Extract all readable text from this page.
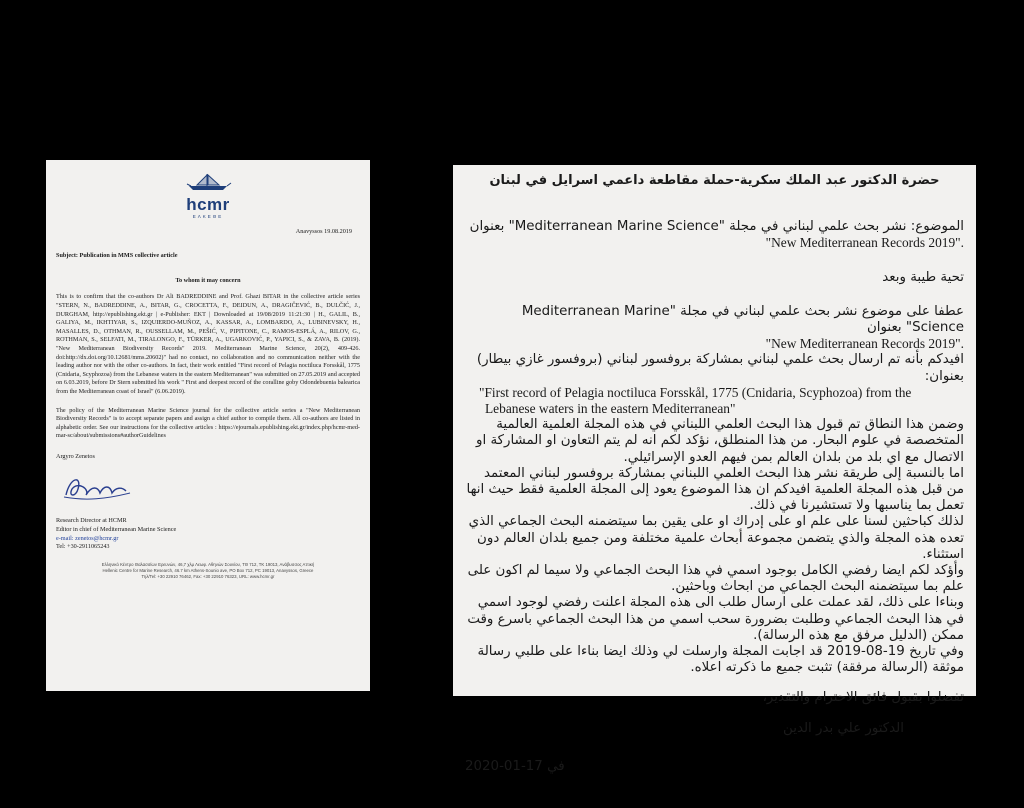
hcmr
ΕΛΚΕΘΕ
Anavyssos 19.08.2019
Subject: Publication in MMS collective article
To whom it may concern
This is to confirm that the co-authors Dr Ali BADREDDINE and Prof. Ghazi BITAR in the collective article series "STERN, N., BADREDDINE, A., BITAR, G., CROCETTA, F., DEIDUN, A., DRAGIČEVIĆ, B., DULČIĆ, J., DURGHAM, http://epublishing.ekt.gr | e-Publisher: EKT | Downloaded at 19/08/2019 11:21:30 | H., GALIL, B., GALIYA, M., IKHTIYAR, S., IZQUIERDO-MUÑOZ, A., KASSAR, A., LOMBARDO, A., LUBINEVSKY, H., MASALLES, D., OTHMAN, R., OUSSELLAM, M., PEŠIĆ, V., PIPITONE, C., RAMOS-ESPLÁ, A., RILOV, G., ROTHMAN, S., SELFATI, M., TIRALONGO, F., TÜRKER, A., UGARKOVIĆ, P., YAPICI, S., & ZAVA, B. (2019). "New Mediterranean Biodiversity Records" 2019. Mediterranean Marine Science, 20(2), 409-426. doi:http://dx.doi.org/10.12681/mms.20602)" had no contact, no collaboration and no communication neither with the leading author nor with the other co-authors. In fact, their work entitled "First record of Pelagia noctiluca Forsskål, 1775 (Cnidaria, Scyphozoa) from the Lebanese waters in the eastern Mediterranean" was submitted on 27.05.2019 and accepted on 6.03.2019, before Dr Stern submitted his work " First and deepest record of the coralline goby Odondebuenia balearica from the Mediterranean coast of Israel" (6.06.2019).
The policy of the Mediterranean Marine Science journal for the collective article series a "New Mediterranean Biodiversity Records" is to accept separate papers and assign a chief author to compile them. All co-authors are listed in alphabetic order. See our instructions for the collective articles : https://ejournals.epublishing.ekt.gr/index.php/hcmr-med-mar-sc/about/submissions#authorGuidelines
Argyro Zenetos
Research Director at HCMR
Editor in chief of Mediterranean Marine Science
e-mail: zenetos@hcmr.gr
Tel: +30-2911065243
Ελληνικό Κέντρο Θαλασσίων Ερευνών, 46,7 χλμ Λεωφ. Αθηνών Σουνίου, ΤΘ 712, ΤΚ 19013, Ανάβυσσος Αττική
Hellenic Centre for Marine Research, 46.7 km Athens-Sounio ave, PO Box 712, PC 19013, Anavyssos, Greece
Τηλ/Tel: +30 22910 76462, Fax: +30 22910 76323, URL: www.hcmr.gr
حضرة الدكتور عبد الملك سكرية-حملة مقاطعة داعمي اسرايل في لبنان

الموضوع: نشر بحث علمي لبناني في مجلة "Mediterranean Marine Science" بعنوان

"New Mediterranean Records 2019".

تحية طيبة وبعد

عطفا على موضوع نشر بحث علمي لبناني في مجلة "Mediterranean Marine Science" بعنوان

"New Mediterranean Records 2019".

افيدكم بأنه تم ارسال بحث علمي لبناني بمشاركة بروفسور لبناني (بروفسور غازي بيطار) بعنوان:

"First record of Pelagia noctiluca Forsskål, 1775 (Cnidaria, Scyphozoa) from the

Lebanese waters in the eastern Mediterranean"

وضمن هذا النطاق تم قبول هذا البحث العلمي اللبناني في هذه المجلة العلمية العالمية المتخصصة في علوم البحار. من هذا المنطلق، نؤكد لكم انه لم يتم التعاون او المشاركة او الاتصال مع اي بلد من بلدان العالم بمن فيهم العدو الإسرائيلي.

اما بالنسبة إلى طريقة نشر هذا البحث العلمي اللبناني بمشاركة بروفسور لبناني المعتمد من قبل هذه المجلة العلمية افيدكم ان هذا الموضوع يعود إلى المجلة العلمية فقط حيث انها تعمل بما يناسبها ولا تستشيرنا في ذلك.

لذلك كباحثين لسنا على علم او على إدراك او على يقين بما سيتضمنه البحث الجماعي الذي تعده هذه المجلة والذي يتضمن مجموعة أبحاث علمية مختلفة ومن جميع بلدان العالم دون استثناء.

وأؤكد لكم ايضا رفضي الكامل بوجود اسمي في هذا البحث الجماعي ولا سيما لم اكون على علم بما سيتضمنه البحث الجماعي من ابحاث وباحثين.

وبناءا على ذلك، لقد عملت على ارسال طلب الى هذه المجلة اعلنت رفضي لوجود اسمي في هذا البحث الجماعي وطلبت بضرورة سحب اسمي من هذا البحث الجماعي باسرع وقت ممكن (الدليل مرفق مع هذه الرسالة).

وفي تاريخ 19-08-2019 قد اجابت المجلة وارسلت لي وذلك ايضا بناءا على طلبي رسالة موثقة (الرسالة مرفقة) تثبت جميع ما ذكرته اعلاه.

تفضلوا بقبول فائق الاحترام والتقدير،

الدكتور علي بدر الدين

في 2020-01-17
